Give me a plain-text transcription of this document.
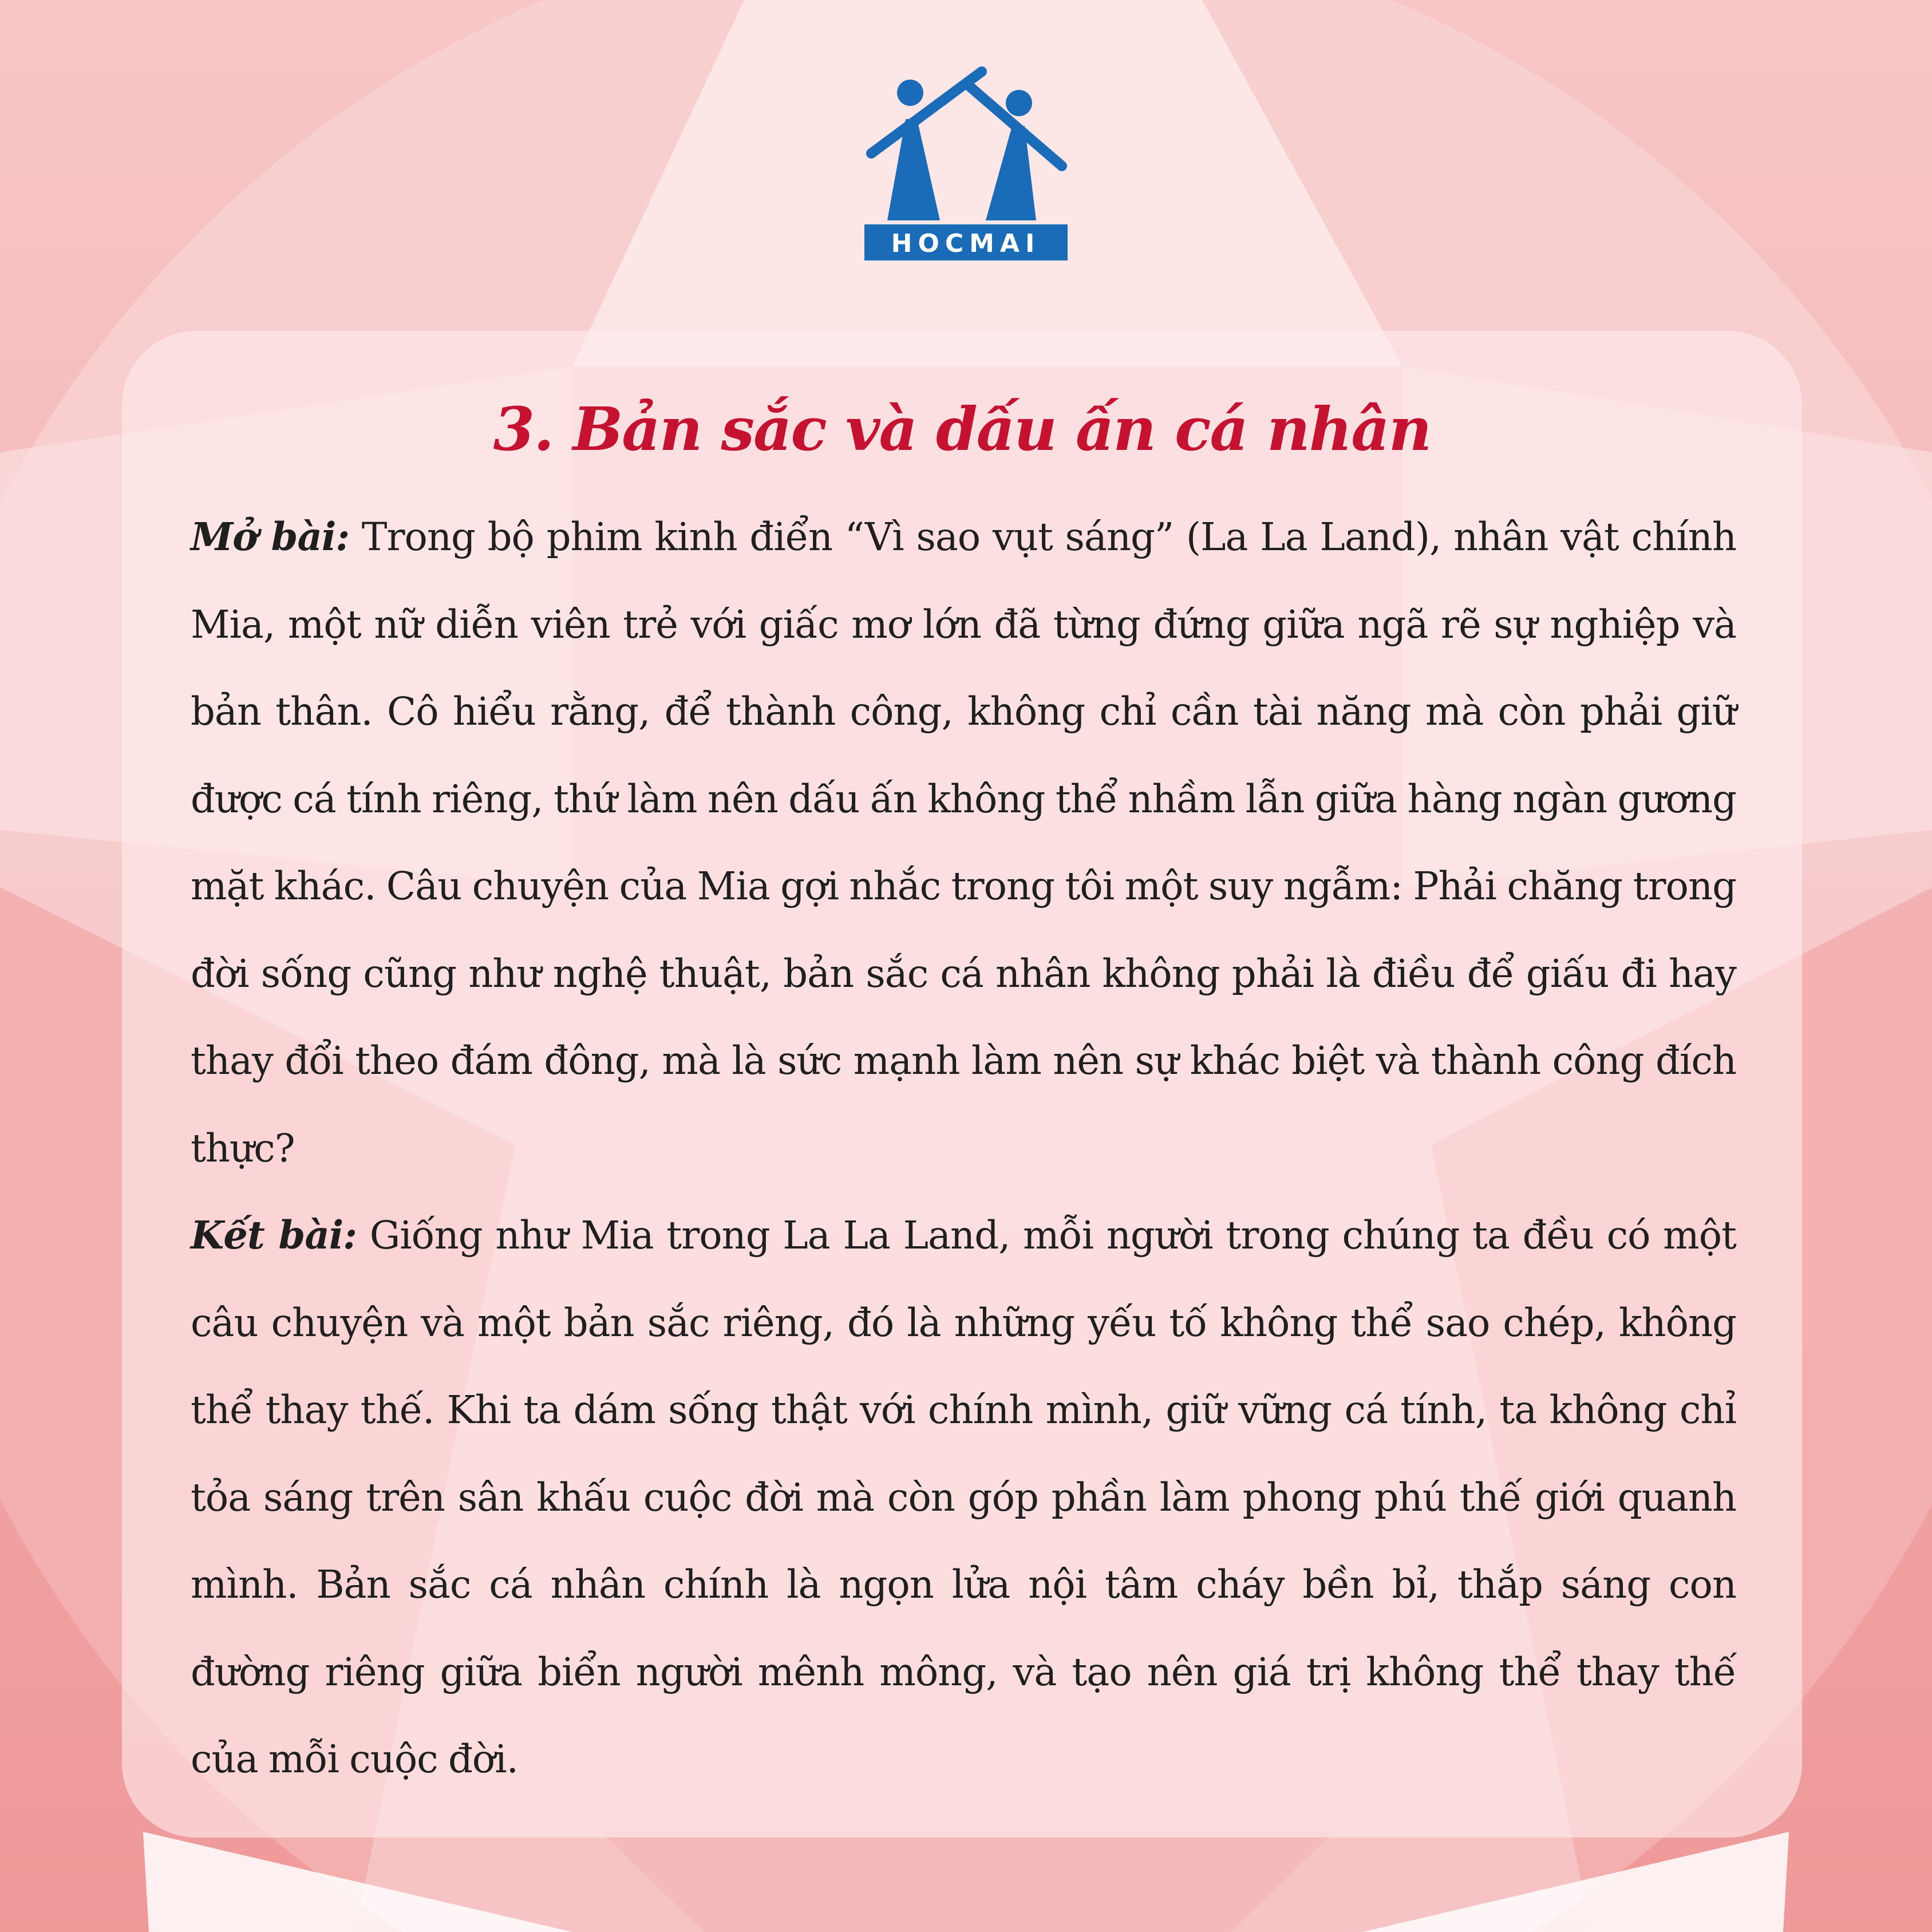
HOCMAI
3. Bản sắc và dấu ấn cá nhân

Mở bài: Trong bộ phim kinh điển “Vì sao vụt sáng” (La La Land), nhân vật chính Mia, một nữ diễn viên trẻ với giấc mơ lớn đã từng đứng giữa ngã rẽ sự nghiệp và bản thân. Cô hiểu rằng, để thành công, không chỉ cần tài năng mà còn phải giữ được cá tính riêng, thứ làm nên dấu ấn không thể nhầm lẫn giữa hàng ngàn gương mặt khác. Câu chuyện của Mia gợi nhắc trong tôi một suy ngẫm: Phải chăng trong đời sống cũng như nghệ thuật, bản sắc cá nhân không phải là điều để giấu đi hay thay đổi theo đám đông, mà là sức mạnh làm nên sự khác biệt và thành công đích thực?

Kết bài: Giống như Mia trong La La Land, mỗi người trong chúng ta đều có một câu chuyện và một bản sắc riêng, đó là những yếu tố không thể sao chép, không thể thay thế. Khi ta dám sống thật với chính mình, giữ vững cá tính, ta không chỉ tỏa sáng trên sân khấu cuộc đời mà còn góp phần làm phong phú thế giới quanh mình. Bản sắc cá nhân chính là ngọn lửa nội tâm cháy bền bỉ, thắp sáng con đường riêng giữa biển người mênh mông, và tạo nên giá trị không thể thay thế của mỗi cuộc đời.
